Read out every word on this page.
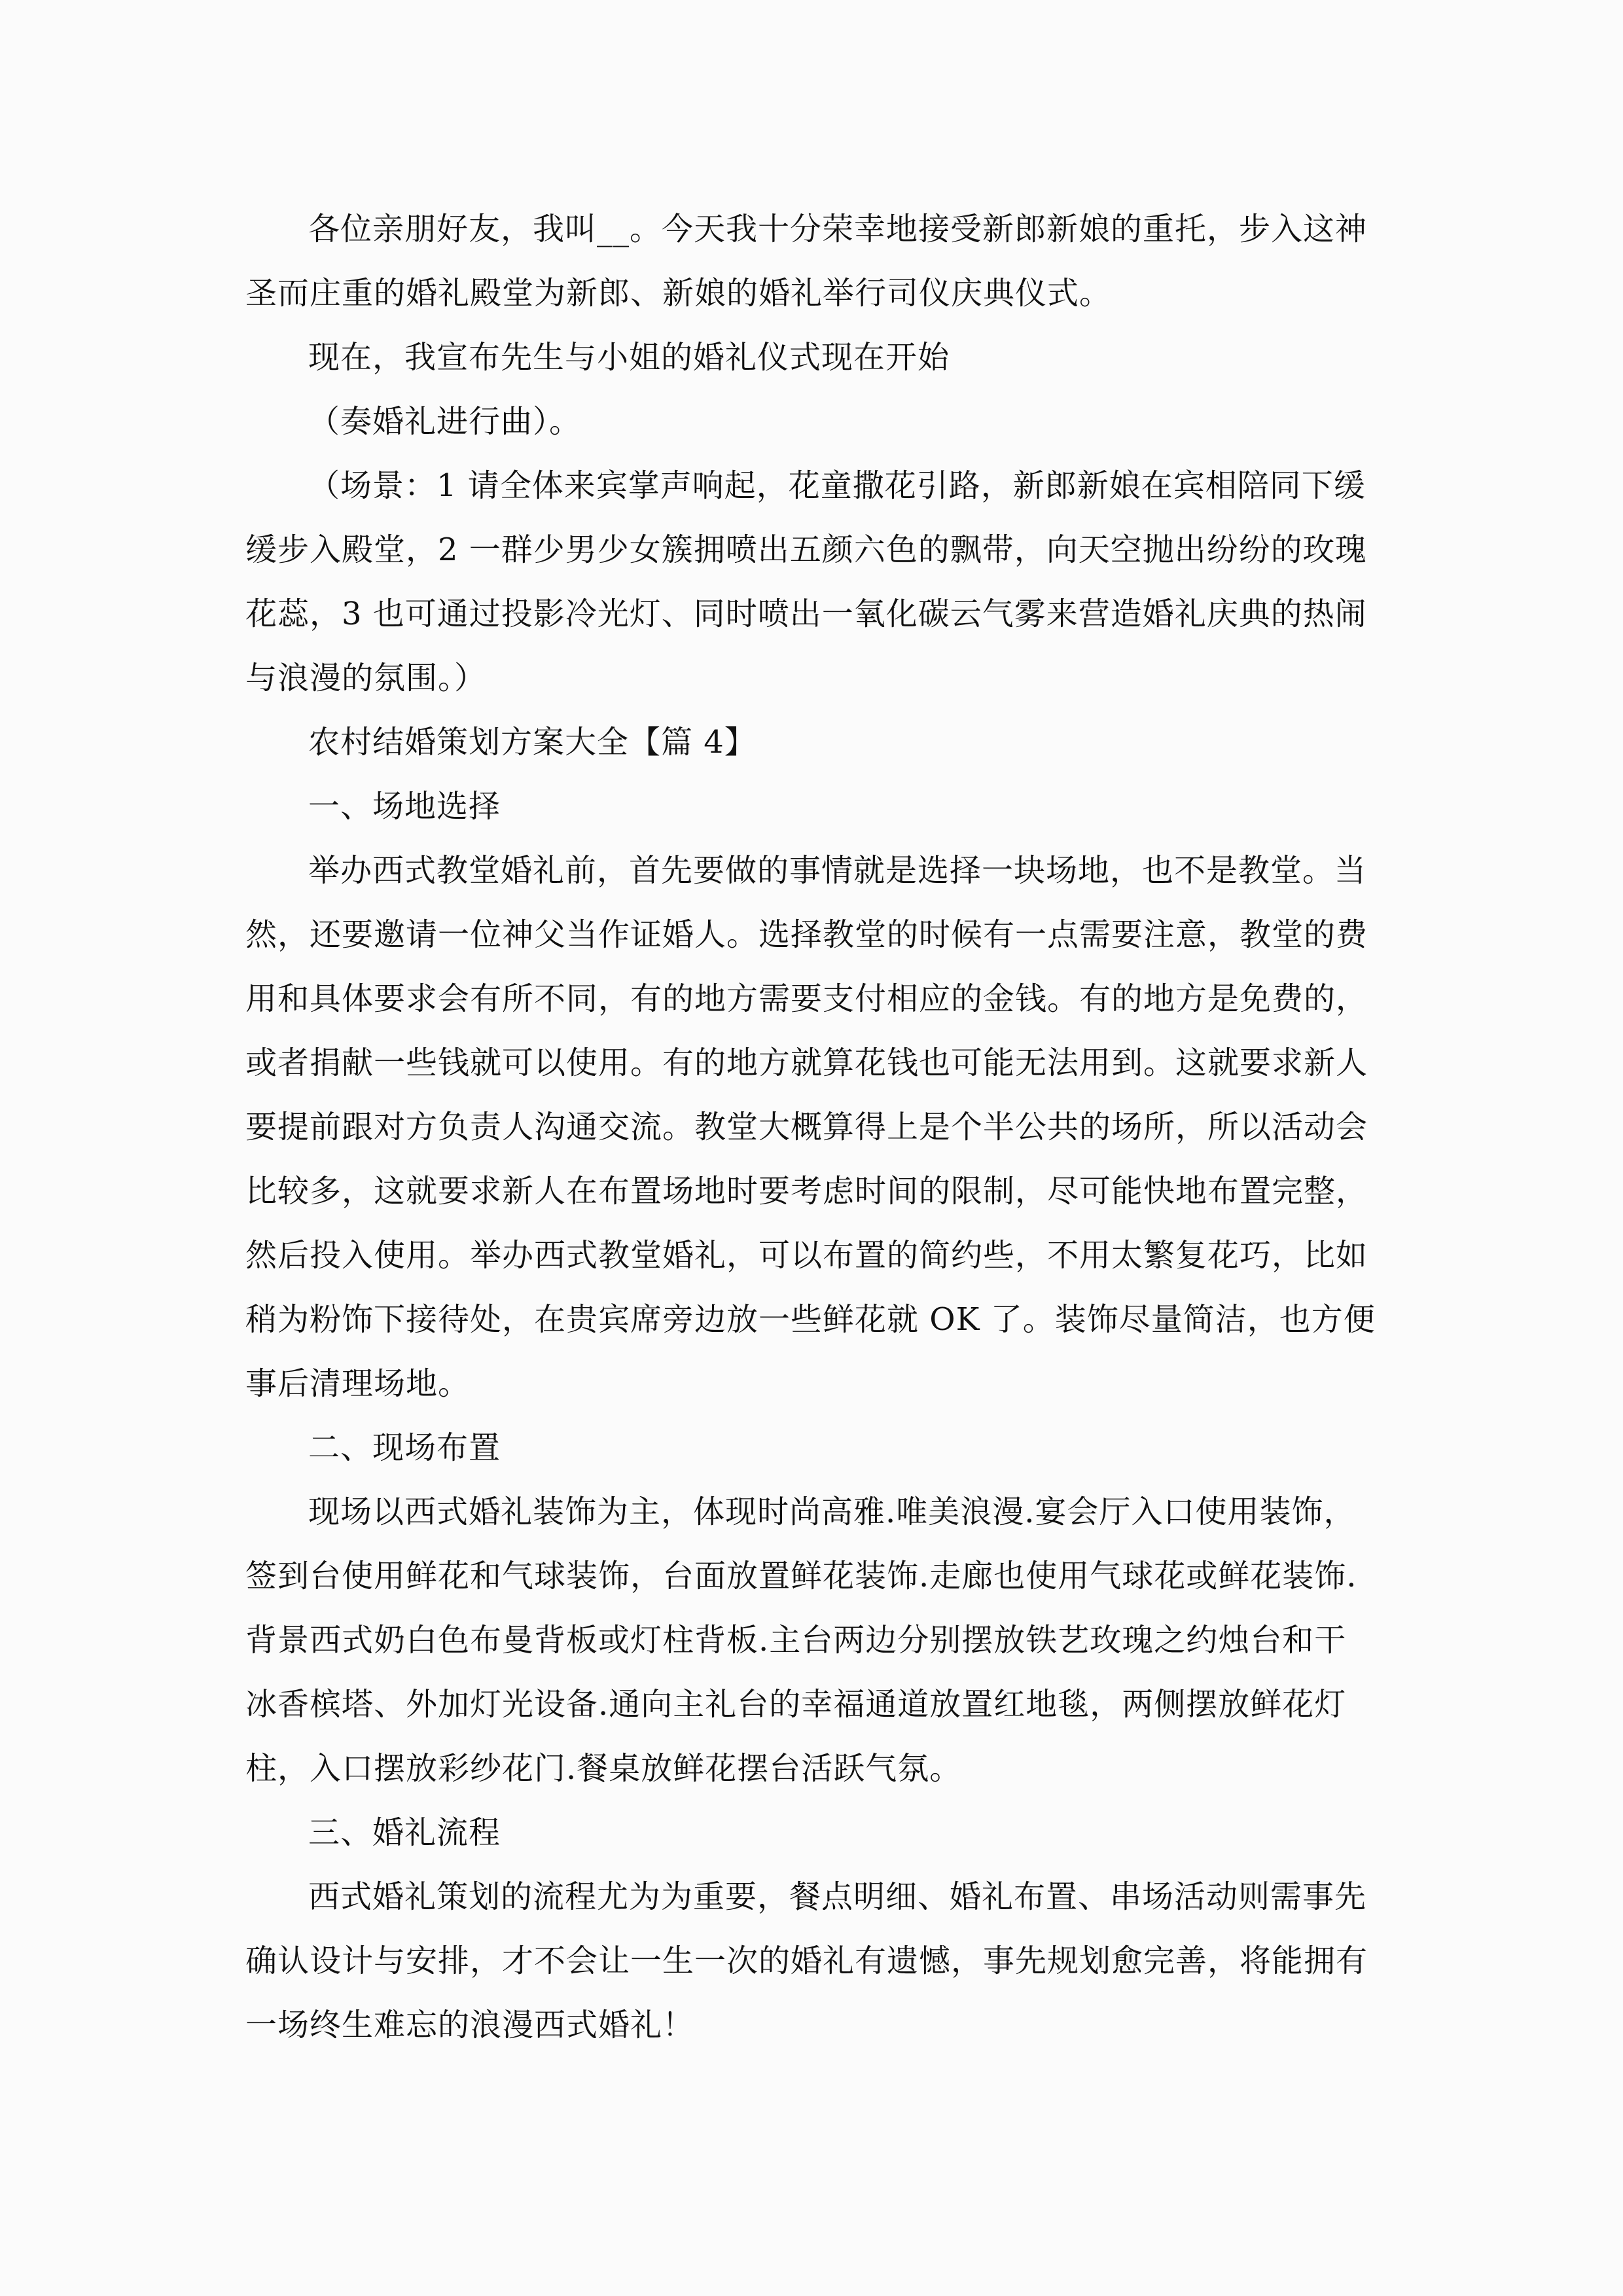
各位亲朋好友，我叫__。今天我十分荣幸地接受新郎新娘的重托，步入这神
圣而庄重的婚礼殿堂为新郎、新娘的婚礼举行司仪庆典仪式。
现在，我宣布先生与小姐的婚礼仪式现在开始
（奏婚礼进行曲）。
（场景：1 请全体来宾掌声响起，花童撒花引路，新郎新娘在宾相陪同下缓
缓步入殿堂，2 一群少男少女簇拥喷出五颜六色的飘带，向天空抛出纷纷的玫瑰
花蕊，3 也可通过投影冷光灯、同时喷出一氧化碳云气雾来营造婚礼庆典的热闹
与浪漫的氛围。）
农村结婚策划方案大全【篇 4】
一、场地选择
举办西式教堂婚礼前，首先要做的事情就是选择一块场地，也不是教堂。当
然，还要邀请一位神父当作证婚人。选择教堂的时候有一点需要注意，教堂的费
用和具体要求会有所不同，有的地方需要支付相应的金钱。有的地方是免费的，
或者捐献一些钱就可以使用。有的地方就算花钱也可能无法用到。这就要求新人
要提前跟对方负责人沟通交流。教堂大概算得上是个半公共的场所，所以活动会
比较多，这就要求新人在布置场地时要考虑时间的限制，尽可能快地布置完整，
然后投入使用。举办西式教堂婚礼，可以布置的简约些，不用太繁复花巧，比如
稍为粉饰下接待处，在贵宾席旁边放一些鲜花就 OK 了。装饰尽量简洁，也方便
事后清理场地。
二、现场布置
现场以西式婚礼装饰为主，体现时尚高雅.唯美浪漫.宴会厅入口使用装饰，
签到台使用鲜花和气球装饰，台面放置鲜花装饰.走廊也使用气球花或鲜花装饰.
背景西式奶白色布曼背板或灯柱背板.主台两边分别摆放铁艺玫瑰之约烛台和干
冰香槟塔、外加灯光设备.通向主礼台的幸福通道放置红地毯，两侧摆放鲜花灯
柱，入口摆放彩纱花门.餐桌放鲜花摆台活跃气氛。
三、婚礼流程
西式婚礼策划的流程尤为为重要，餐点明细、婚礼布置、串场活动则需事先
确认设计与安排，才不会让一生一次的婚礼有遗憾，事先规划愈完善，将能拥有
一场终生难忘的浪漫西式婚礼！
